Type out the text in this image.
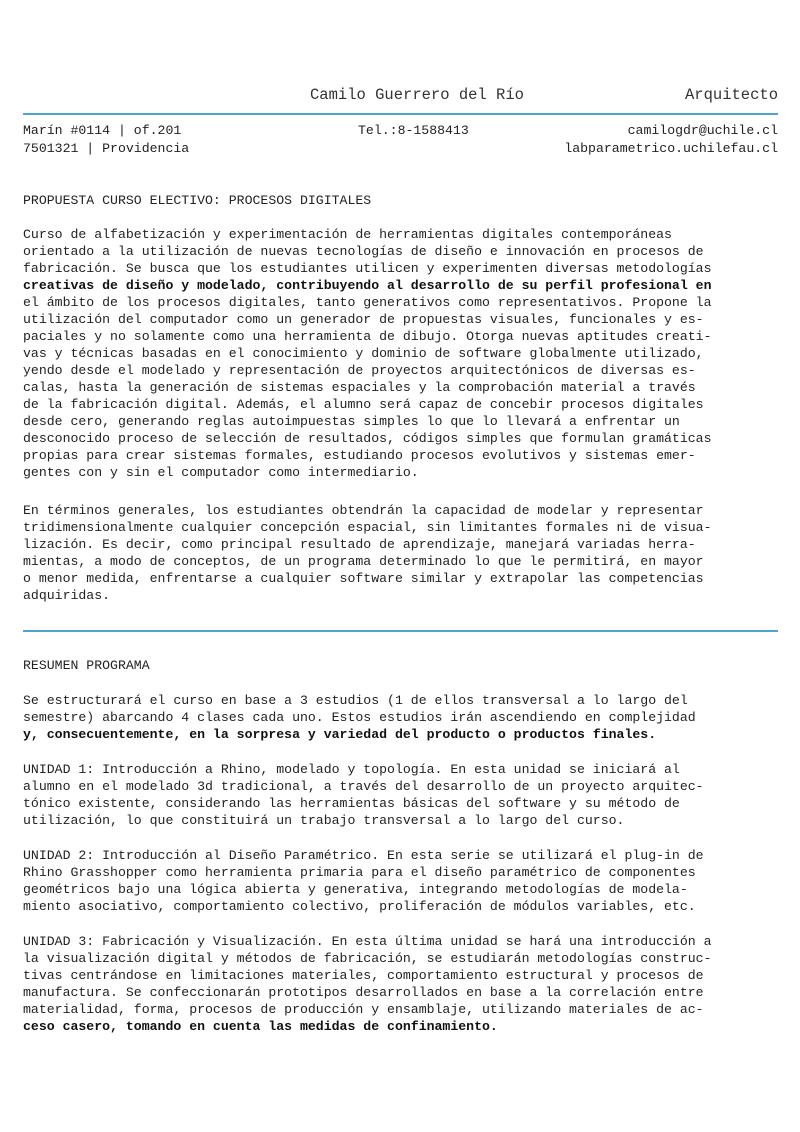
Camilo Guerrero del Río	Arquitecto
Marín #0114 | of.201
7501321 | Providencia
Tel.:8-1588413	camilogdr@uchile.cl
labparametrico.uchilefau.cl
PROPUESTA CURSO ELECTIVO: PROCESOS DIGITALES
Curso de alfabetización y experimentación de herramientas digitales contemporáneas
orientado a la utilización de nuevas tecnologías de diseño e innovación en procesos de
fabricación. Se busca que los estudiantes utilicen y experimenten diversas metodologías
creativas de diseño y modelado, contribuyendo al desarrollo de su perfil profesional en
el ámbito de los procesos digitales, tanto generativos como representativos. Propone la
utilización del computador como un generador de propuestas visuales, funcionales y es-
paciales y no solamente como una herramienta de dibujo. Otorga nuevas aptitudes creati-
vas y técnicas basadas en el conocimiento y dominio de software globalmente utilizado,
yendo desde el modelado y representación de proyectos arquitectónicos de diversas es-
calas, hasta la generación de sistemas espaciales y la comprobación material a través
de la fabricación digital. Además, el alumno será capaz de concebir procesos digitales
desde cero, generando reglas autoimpuestas simples lo que lo llevará a enfrentar un
desconocido proceso de selección de resultados, códigos simples que formulan gramáticas
propias para crear sistemas formales, estudiando procesos evolutivos y sistemas emer-
gentes con y sin el computador como intermediario.
En términos generales, los estudiantes obtendrán la capacidad de modelar y representar
tridimensionalmente cualquier concepción espacial, sin limitantes formales ni de visua-
lización. Es decir, como principal resultado de aprendizaje, manejará variadas herra-
mientas, a modo de conceptos, de un programa determinado lo que le permitirá, en mayor
o menor medida, enfrentarse a cualquier software similar y extrapolar las competencias
adquiridas.
RESUMEN PROGRAMA
Se estructurará el curso en base a 3 estudios (1 de ellos transversal a lo largo del
semestre) abarcando 4 clases cada uno. Estos estudios irán ascendiendo en complejidad
y, consecuentemente, en la sorpresa y variedad del producto o productos finales.
UNIDAD 1: Introducción a Rhino, modelado y topología. En esta unidad se iniciará al
alumno en el modelado 3d tradicional, a través del desarrollo de un proyecto arquitec-
tónico existente, considerando las herramientas básicas del software y su método de
utilización, lo que constituirá un trabajo transversal a lo largo del curso.
UNIDAD 2: Introducción al Diseño Paramétrico. En esta serie se utilizará el plug-in de
Rhino Grasshopper como herramienta primaria para el diseño paramétrico de componentes
geométricos bajo una lógica abierta y generativa, integrando metodologías de modela-
miento asociativo, comportamiento colectivo, proliferación de módulos variables, etc.
UNIDAD 3: Fabricación y Visualización. En esta última unidad se hará una introducción a
la visualización digital y métodos de fabricación, se estudiarán metodologías construc-
tivas centrándose en limitaciones materiales, comportamiento estructural y procesos de
manufactura. Se confeccionarán prototipos desarrollados en base a la correlación entre
materialidad, forma, procesos de producción y ensamblaje, utilizando materiales de ac-
ceso casero, tomando en cuenta las medidas de confinamiento.
